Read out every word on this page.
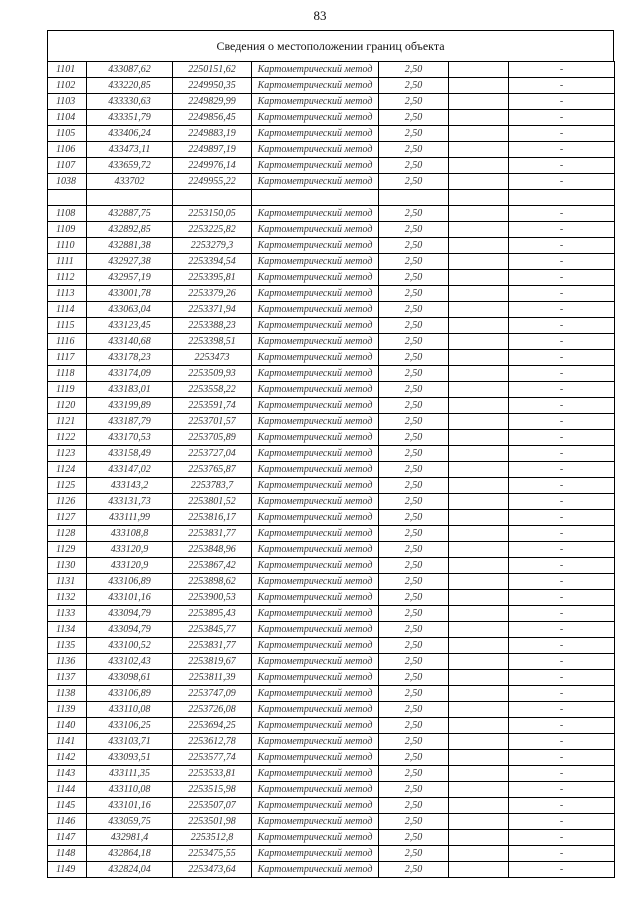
83
Сведения о местоположении границ объекта
1101	433087,62	2250151,62	Картометрический метод	2,50		-
1102	433220,85	2249950,35	Картометрический метод	2,50		-
1103	433330,63	2249829,99	Картометрический метод	2,50		-
1104	433351,79	2249856,45	Картометрический метод	2,50		-
1105	433406,24	2249883,19	Картометрический метод	2,50		-
1106	433473,11	2249897,19	Картометрический метод	2,50		-
1107	433659,72	2249976,14	Картометрический метод	2,50		-
1038	433702	2249955,22	Картометрический метод	2,50		-

1108	432887,75	2253150,05	Картометрический метод	2,50		-
1109	432892,85	2253225,82	Картометрический метод	2,50		-
1110	432881,38	2253279,3	Картометрический метод	2,50		-
1111	432927,38	2253394,54	Картометрический метод	2,50		-
1112	432957,19	2253395,81	Картометрический метод	2,50		-
1113	433001,78	2253379,26	Картометрический метод	2,50		-
1114	433063,04	2253371,94	Картометрический метод	2,50		-
1115	433123,45	2253388,23	Картометрический метод	2,50		-
1116	433140,68	2253398,51	Картометрический метод	2,50		-
1117	433178,23	2253473	Картометрический метод	2,50		-
1118	433174,09	2253509,93	Картометрический метод	2,50		-
1119	433183,01	2253558,22	Картометрический метод	2,50		-
1120	433199,89	2253591,74	Картометрический метод	2,50		-
1121	433187,79	2253701,57	Картометрический метод	2,50		-
1122	433170,53	2253705,89	Картометрический метод	2,50		-
1123	433158,49	2253727,04	Картометрический метод	2,50		-
1124	433147,02	2253765,87	Картометрический метод	2,50		-
1125	433143,2	2253783,7	Картометрический метод	2,50		-
1126	433131,73	2253801,52	Картометрический метод	2,50		-
1127	433111,99	2253816,17	Картометрический метод	2,50		-
1128	433108,8	2253831,77	Картометрический метод	2,50		-
1129	433120,9	2253848,96	Картометрический метод	2,50		-
1130	433120,9	2253867,42	Картометрический метод	2,50		-
1131	433106,89	2253898,62	Картометрический метод	2,50		-
1132	433101,16	2253900,53	Картометрический метод	2,50		-
1133	433094,79	2253895,43	Картометрический метод	2,50		-
1134	433094,79	2253845,77	Картометрический метод	2,50		-
1135	433100,52	2253831,77	Картометрический метод	2,50		-
1136	433102,43	2253819,67	Картометрический метод	2,50		-
1137	433098,61	2253811,39	Картометрический метод	2,50		-
1138	433106,89	2253747,09	Картометрический метод	2,50		-
1139	433110,08	2253726,08	Картометрический метод	2,50		-
1140	433106,25	2253694,25	Картометрический метод	2,50		-
1141	433103,71	2253612,78	Картометрический метод	2,50		-
1142	433093,51	2253577,74	Картометрический метод	2,50		-
1143	433111,35	2253533,81	Картометрический метод	2,50		-
1144	433110,08	2253515,98	Картометрический метод	2,50		-
1145	433101,16	2253507,07	Картометрический метод	2,50		-
1146	433059,75	2253501,98	Картометрический метод	2,50		-
1147	432981,4	2253512,8	Картометрический метод	2,50		-
1148	432864,18	2253475,55	Картометрический метод	2,50		-
1149	432824,04	2253473,64	Картометрический метод	2,50		-
